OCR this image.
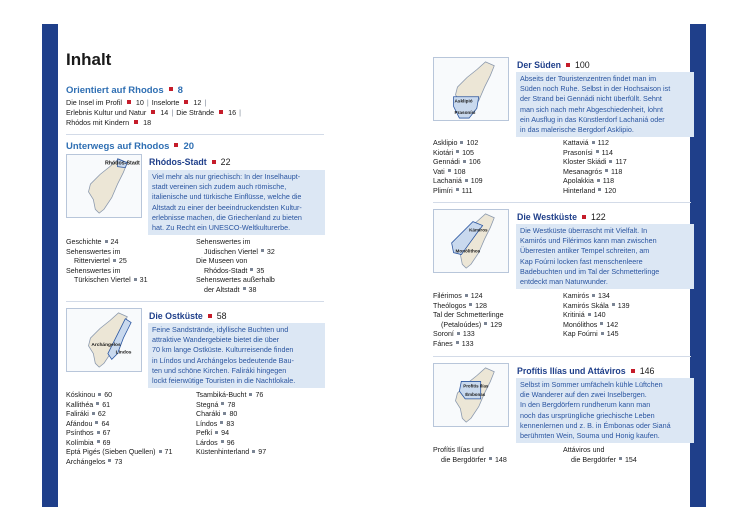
Inhalt
Orientiert auf Rhodos 8
Die Insel im Profil 10 | Inselorte 12 |
Erlebnis Kultur und Natur 14 | Die Strände 16 |
Rhódos mit Kindern 18
Unterwegs auf Rhodos 20
Rhódos-Stadt Rhódos-Stadt 22
Viel mehr als nur griechisch: In der Inselhaupt-
stadt vereinen sich zudem auch römische,
italienische und türkische Einflüsse, welche die
Altstadt zu einer der beeindruckendsten Kultur-
erlebnisse machen, die Griechenland zu bieten
hat. Zu Recht ein UNESCO-Weltkulturerbe.
Geschichte 24
Sehenswertes im
Ritterviertel 25
Sehenswertes im
Türkischen Viertel 31
Sehenswertes im
Jüdischen Viertel 32
Die Museen von
Rhódos-Stadt 35
Sehenswertes außerhalb
der Altstadt 38
Archángelos
Líndos
Die Ostküste 58
Feine Sandstrände, idyllische Buchten und
attraktive Wandergebiete bietet die über
70 km lange Ostküste. Kulturreisende finden
in Líndos und Archángelos bedeutende Bau-
ten und schöne Kirchen. Faliráki hingegen
lockt feierwütige Touristen in die Nachtlokale.
Kóskinou 60
Kallithéa 61
Faliráki 62
Afándou 64
Psínthos 67
Kolímbia 69
Eptá Pigés (Sieben Quellen) 71
Archángelos 73
Tsambiká-Bucht 76
Stegná 78
Charáki 80
Líndos 83
Pefkí 94
Lárdos 96
Küstenhinterland 97
Asklipió
Prasonísi
Der Süden 100
Abseits der Touristenzentren findet man im
Süden noch Ruhe. Selbst in der Hochsaison ist
der Strand bei Gennádi nicht überfüllt. Sehnt
man sich nach mehr Abgeschiedenheit, lohnt
ein Ausflug in das Künstlerdorf Lachaniá oder
in das malerische Bergdorf Asklipio.
Asklipio 102
Kiotári 105
Gennádi 106
Vati 108
Lachaniá 109
Plimíri 111
Kattaviá 112
Prasonísi 114
Kloster Skiádi 117
Mesanagrós 118
Apolakkia 118
Hinterland 120
Kámiros
Monólithos
Die Westküste 122
Die Westküste überrascht mit Vielfalt. In
Kamirós und Filérimos kann man zwischen
Überresten antiker Tempel schreiten, am
Kap Foúrni locken fast menschenleere
Badebuchten und im Tal der Schmetterlinge
entdeckt man Naturwunder.
Filérimos 124
Theólogos 128
Tal der Schmetterlinge
(Petaloúdes) 129
Soroní 133
Fánes 133
Kamirós 134
Kamirós Skála 139
Kritiniá 140
Monólithos 142
Kap Foúrni 145
Profitis Ilías
Émbonas
Profítis Ilías und Attáviros 146
Selbst im Sommer umfächeln kühle Lüftchen
die Wanderer auf den zwei Inselbergen.
In den Bergdörfern rundherum kann man
noch das ursprüngliche griechische Leben
kennenlernen und z. B. in Émbonas oder Sianá
berühmten Wein, Souma und Honig kaufen.
Profítis Ilías und
die Bergdörfer 148
Attáviros und
die Bergdörfer 154
